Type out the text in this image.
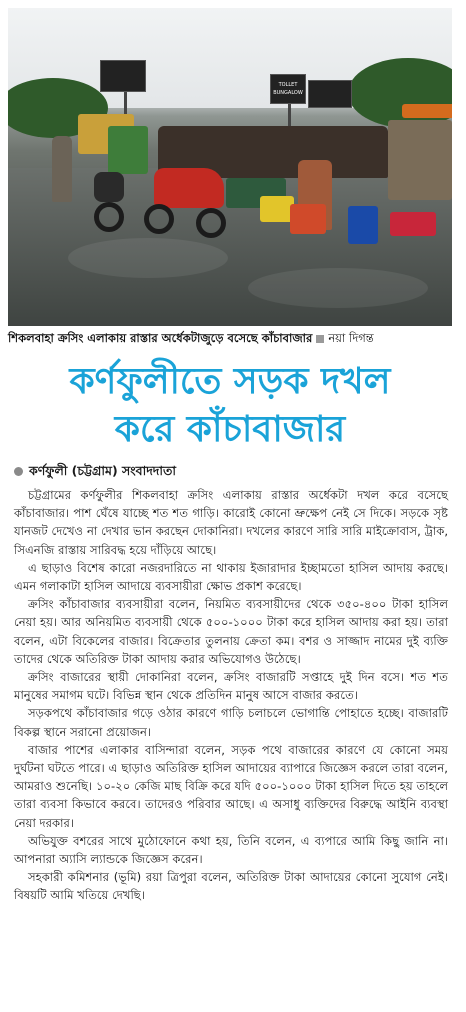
TOLLET BUNGALOW
শিকলবাহা ক্রসিং এলাকায় রাস্তার অর্ধেকটাজুড়ে বসেছে কাঁচাবাজার নয়া দিগন্ত
কর্ণফুলীতে সড়ক দখল
করে কাঁচাবাজার
কর্ণফুলী (চট্টগ্রাম) সংবাদদাতা

চট্টগ্রামের কর্ণফুলীর শিকলবাহা ক্রসিং এলাকায় রাস্তার অর্ধেকটা দখল করে বসেছে কাঁচাবাজার। পাশ ঘেঁষে যাচ্ছে শত শত গাড়ি। কারোই কোনো ভ্রুক্ষেপ নেই সে দিকে। সড়কে সৃষ্ট যানজট দেখেও না দেখার ভান করছেন দোকানিরা। দখলের কারণে সারি সারি মাইক্রোবাস, ট্রাক, সিএনজি রাস্তায় সারিবদ্ধ হয়ে দাঁড়িয়ে আছে।

এ ছাড়াও বিশেষ কারো নজরদারিতে না থাকায় ইজারাদার ইচ্ছামতো হাসিল আদায় করছে। এমন গলাকাটা হাসিল আদায়ে ব্যবসায়ীরা ক্ষোভ প্রকাশ করেছে।

ক্রসিং কাঁচাবাজার ব্যবসায়ীরা বলেন, নিয়মিত ব্যবসায়ীদের থেকে ৩৫০-৪০০ টাকা হাসিল নেয়া হয়। আর অনিয়মিত ব্যবসায়ী থেকে ৫০০-১০০০ টাকা করে হাসিল আদায় করা হয়। তারা বলেন, এটা বিকেলের বাজার। বিক্রেতার তুলনায় ক্রেতা কম। বশর ও সাজ্জাদ নামের দুই ব্যক্তি তাদের থেকে অতিরিক্ত টাকা আদায় করার অভিযোগও উঠেছে।

ক্রসিং বাজারের স্থায়ী দোকানিরা বলেন, ক্রসিং বাজারটি সপ্তাহে দুই দিন বসে। শত শত মানুষের সমাগম ঘটে। বিভিন্ন স্থান থেকে প্রতিদিন মানুষ আসে বাজার করতে।

সড়কপথে কাঁচাবাজার গড়ে ওঠার কারণে গাড়ি চলাচলে ভোগান্তি পোহাতে হচ্ছে। বাজারটি বিকল্প স্থানে সরানো প্রয়োজন।

বাজার পাশের এলাকার বাসিন্দারা বলেন, সড়ক পথে বাজারের কারণে যে কোনো সময় দুর্ঘটনা ঘটতে পারে। এ ছাড়াও অতিরিক্ত হাসিল আদায়ের ব্যাপারে জিজ্ঞেস করলে তারা বলেন, আমরাও শুনেছি। ১০-২০ কেজি মাছ বিক্রি করে যদি ৫০০-১০০০ টাকা হাসিল দিতে হয় তাহলে তারা ব্যবসা কিভাবে করবে। তাদেরও পরিবার আছে। এ অসাধু ব্যক্তিদের বিরুদ্ধে আইনি ব্যবস্থা নেয়া দরকার।

অভিযুক্ত বশরের সাথে মুঠোফোনে কথা হয়, তিনি বলেন, এ ব্যপারে আমি কিছু জানি না। আপনারা অ্যাসি ল্যান্ডকে জিজ্ঞেস করেন।

সহকারী কমিশনার (ভূমি) রয়া ত্রিপুরা বলেন, অতিরিক্ত টাকা আদায়ের কোনো সুযোগ নেই। বিষয়টি আমি খতিয়ে দেখছি।
